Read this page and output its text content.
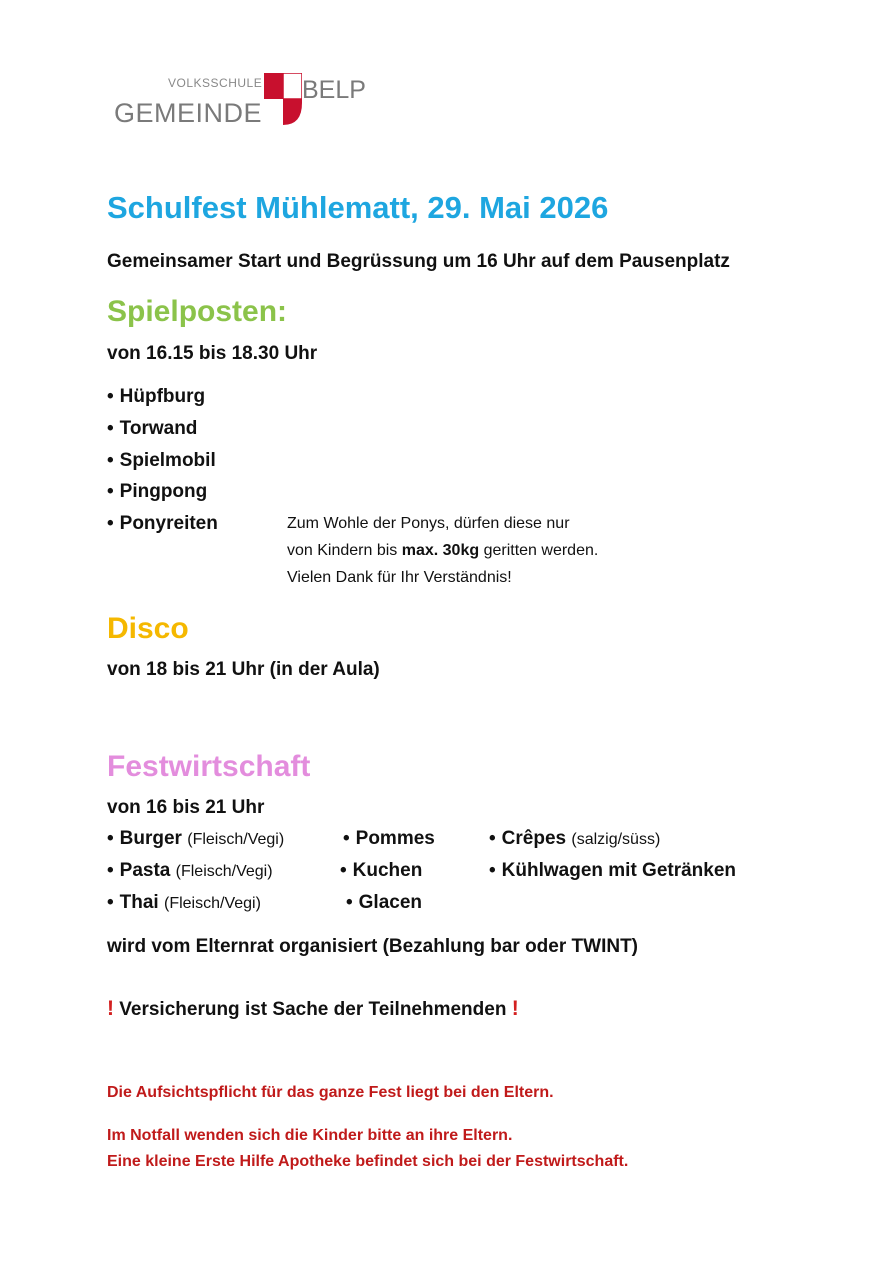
VOLKSSCHULE
GEMEINDE
BELP
Schulfest Mühlematt, 29. Mai 2026
Gemeinsamer Start und Begrüssung um 16 Uhr auf dem Pausenplatz
Spielposten:
von 16.15 bis 18.30 Uhr
• Hüpfburg
• Torwand
• Spielmobil
• Pingpong
• Ponyreiten	Zum Wohle der Ponys, dürfen diese nur
von Kindern bis max. 30kg geritten werden.
Vielen Dank für Ihr Verständnis!
Disco
von 18 bis 21 Uhr (in der Aula)
Festwirtschaft
von 16 bis 21 Uhr
• Burger (Fleisch/Vegi)
• Pasta (Fleisch/Vegi)
• Thai (Fleisch/Vegi)
• Pommes
• Kuchen
• Glacen
• Crêpes (salzig/süss)
• Kühlwagen mit Getränken
wird vom Elternrat organisiert (Bezahlung bar oder TWINT)
! Versicherung ist Sache der Teilnehmenden !
Die Aufsichtspflicht für das ganze Fest liegt bei den Eltern.
Im Notfall wenden sich die Kinder bitte an ihre Eltern.
Eine kleine Erste Hilfe Apotheke befindet sich bei der Festwirtschaft.
